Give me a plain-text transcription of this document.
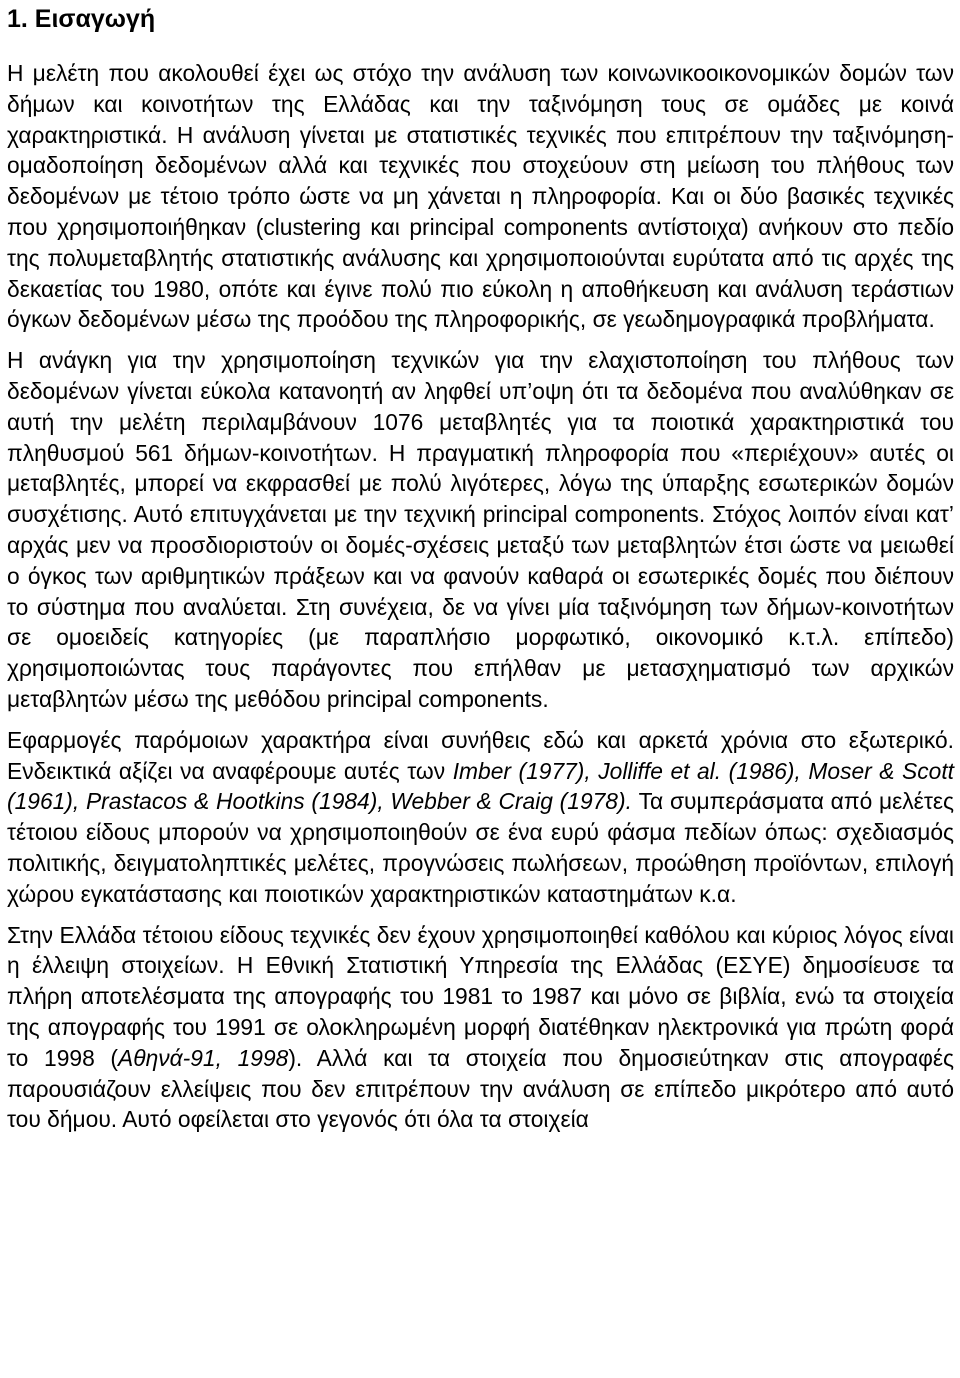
1. Εισαγωγή

Η μελέτη που ακολουθεί έχει ως στόχο την ανάλυση των κοινωνικοοικονομικών δομών των δήμων και κοινοτήτων της Ελλάδας και την ταξινόμηση τους σε ομάδες με κοινά χαρακτηριστικά. Η ανάλυση γίνεται με στατιστικές τεχνικές που επιτρέπουν την ταξινόμηση-ομαδοποίηση δεδομένων αλλά και τεχνικές που στοχεύουν στη μείωση του πλήθους των δεδομένων με τέτοιο τρόπο ώστε να μη χάνεται η πληροφορία. Και οι δύο βασικές τεχνικές που χρησιμοποιήθηκαν (clustering και principal components αντίστοιχα) ανήκουν στο πεδίο της πολυμεταβλητής στατιστικής ανάλυσης και χρησιμοποιούνται ευρύτατα από τις αρχές της δεκαετίας του 1980, οπότε και έγινε πολύ πιο εύκολη η αποθήκευση και ανάλυση τεράστιων όγκων δεδομένων μέσω της προόδου της πληροφορικής, σε γεωδημογραφικά προβλήματα.

Η ανάγκη για την χρησιμοποίηση τεχνικών για την ελαχιστοποίηση του πλήθους των δεδομένων γίνεται εύκολα κατανοητή αν ληφθεί υπ’οψη ότι τα δεδομένα που αναλύθηκαν σε αυτή την μελέτη περιλαμβάνουν 1076 μεταβλητές για τα ποιοτικά χαρακτηριστικά του πληθυσμού 561 δήμων-κοινοτήτων. Η πραγματική πληροφορία που «περιέχουν» αυτές οι μεταβλητές, μπορεί να εκφρασθεί με πολύ λιγότερες, λόγω της ύπαρξης εσωτερικών δομών συσχέτισης. Αυτό επιτυγχάνεται με την τεχνική principal components. Στόχος λοιπόν είναι κατ’ αρχάς μεν να προσδιοριστούν οι δομές-σχέσεις μεταξύ των μεταβλητών έτσι ώστε να μειωθεί ο όγκος των αριθμητικών πράξεων και να φανούν καθαρά οι εσωτερικές δομές που διέπουν το σύστημα που αναλύεται. Στη συνέχεια, δε να γίνει μία ταξινόμηση των δήμων-κοινοτήτων σε ομοειδείς κατηγορίες (με παραπλήσιο μορφωτικό, οικονομικό κ.τ.λ. επίπεδο) χρησιμοποιώντας τους παράγοντες που επήλθαν με μετασχηματισμό των αρχικών μεταβλητών μέσω της μεθόδου principal components.

Εφαρμογές παρόμοιων χαρακτήρα είναι συνήθεις εδώ και αρκετά χρόνια στο εξωτερικό. Ενδεικτικά αξίζει να αναφέρουμε αυτές των Imber (1977), Jolliffe et al. (1986), Moser & Scott (1961), Prastacos & Hootkins (1984), Webber & Craig (1978). Τα συμπεράσματα από μελέτες τέτοιου είδους μπορούν να χρησιμοποιηθούν σε ένα ευρύ φάσμα πεδίων όπως: σχεδιασμός πολιτικής, δειγματοληπτικές μελέτες, προγνώσεις πωλήσεων, προώθηση προϊόντων, επιλογή χώρου εγκατάστασης και ποιοτικών χαρακτηριστικών καταστημάτων κ.α.

Στην Ελλάδα τέτοιου είδους τεχνικές δεν έχουν χρησιμοποιηθεί καθόλου και κύριος λόγος είναι η έλλειψη στοιχείων. Η Εθνική Στατιστική Υπηρεσία της Ελλάδας (ΕΣΥΕ) δημοσίευσε τα πλήρη αποτελέσματα της απογραφής του 1981 το 1987 και μόνο σε βιβλία, ενώ τα στοιχεία της απογραφής του 1991 σε ολοκληρωμένη μορφή διατέθηκαν ηλεκτρονικά για πρώτη φορά το 1998 (Αθηνά-91, 1998). Αλλά και τα στοιχεία που δημοσιεύτηκαν στις απογραφές παρουσιάζουν ελλείψεις που δεν επιτρέπουν την ανάλυση σε επίπεδο μικρότερο από αυτό του δήμου. Αυτό οφείλεται στο γεγονός ότι όλα τα στοιχεία
